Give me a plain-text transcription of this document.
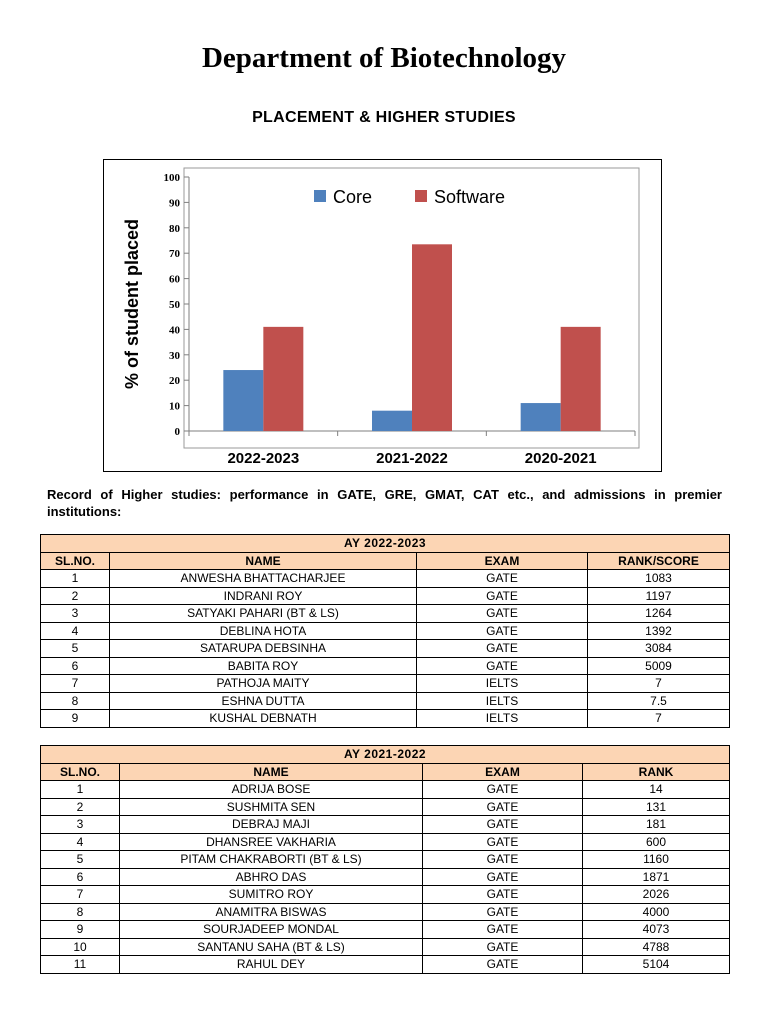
Department of Biotechnology
PLACEMENT & HIGHER STUDIES
0
10
20
30
40
50
60
70
80
90
100
2022-2023	2021-2022	2020-2021
% of student placed
Core	Software
Record of Higher studies: performance in GATE, GRE, GMAT, CAT etc., and admissions in premier institutions:
AY 2022-2023			
SL.NO.	NAME	EXAM	RANK/SCORE
1	ANWESHA BHATTACHARJEE	GATE	1083
2	INDRANI ROY	GATE	1197
3	SATYAKI PAHARI (BT & LS)	GATE	1264
4	DEBLINA HOTA	GATE	1392
5	SATARUPA DEBSINHA	GATE	3084
6	BABITA ROY	GATE	5009
7	PATHOJA MAITY	IELTS	7
8	ESHNA DUTTA	IELTS	7.5
9	KUSHAL DEBNATH	IELTS	7
AY 2021-2022			
SL.NO.	NAME	EXAM	RANK
1	ADRIJA BOSE	GATE	14
2	SUSHMITA SEN	GATE	131
3	DEBRAJ MAJI	GATE	181
4	DHANSREE VAKHARIA	GATE	600
5	PITAM CHAKRABORTI (BT & LS)	GATE	1160
6	ABHRO DAS	GATE	1871
7	SUMITRO ROY	GATE	2026
8	ANAMITRA BISWAS	GATE	4000
9	SOURJADEEP MONDAL	GATE	4073
10	SANTANU SAHA (BT & LS)	GATE	4788
11	RAHUL DEY	GATE	5104
